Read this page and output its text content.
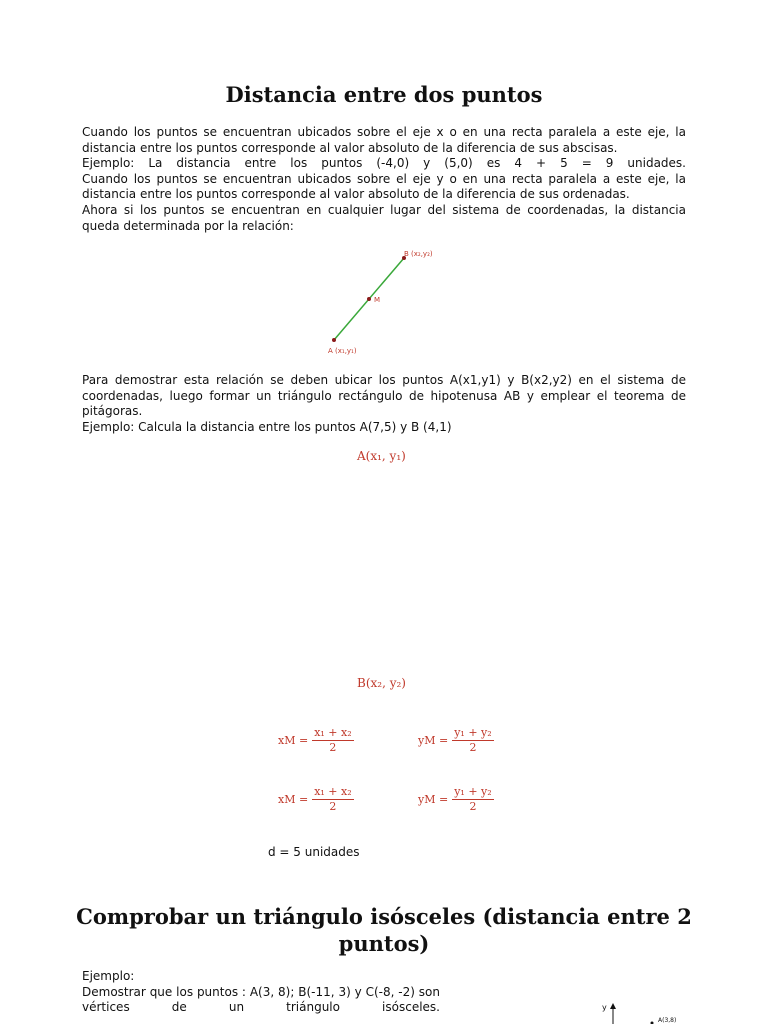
Distancia entre dos puntos

Cuando los puntos se encuentran ubicados sobre el eje x o en una recta paralela a este eje, la distancia entre los puntos corresponde al valor absoluto de la diferencia de sus abscisas.

Ejemplo: La distancia entre los puntos (-4,0) y (5,0) es 4 + 5 = 9 unidades.

Cuando los puntos se encuentran ubicados sobre el eje y o en una recta paralela a este eje, la distancia entre los puntos corresponde al valor absoluto de la diferencia de sus ordenadas.

Ahora si los puntos se encuentran en cualquier lugar del sistema de coordenadas, la distancia queda determinada por la relación:

B (x₂,y₂)
M
A (x₁,y₁)

Para demostrar esta relación se deben ubicar los puntos A(x1,y1) y B(x2,y2) en el sistema de coordenadas, luego formar un triángulo rectángulo de hipotenusa AB y emplear el teorema de pitágoras.

Ejemplo: Calcula la distancia entre los puntos A(7,5) y B (4,1)

A(x₁, y₁)
B(x₂, y₂)
xM = $\frac{\text{x₁ + x₂}}{2}$	yM = $\frac{\text{y₁ + y₂}}{2}$
xM = $\frac{\text{x₁ + x₂}}{2}$	yM = $\frac{\text{y₁ + y₂}}{2}$
d = 5 unidades
Comprobar un triángulo isósceles (distancia entre 2 puntos)

Ejemplo:

Demostrar que los puntos : A(3, 8); B(-11, 3) y C(-8, -2) son vértices de un triángulo isósceles.	y
A(3,8)
